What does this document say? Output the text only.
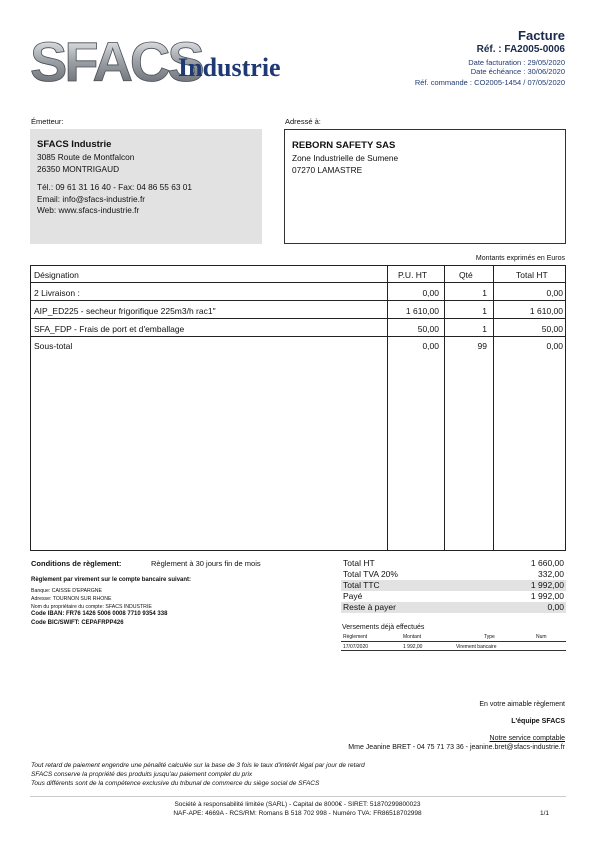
SFACS
Industrie
Facture
Réf. : FA2005-0006
Date facturation : 29/05/2020
Date échéance : 30/06/2020
Réf. commande : CO2005-1454 / 07/05/2020
Émetteur:
SFACS Industrie
3085 Route de Montfalcon
26350 MONTRIGAUD
Tél.: 09 61 31 16 40 - Fax: 04 86 55 63 01
Email: info@sfacs-industrie.fr
Web: www.sfacs-industrie.fr
Adressé à:
REBORN SAFETY SAS
Zone Industrielle de Sumene
07270 LAMASTRE
Montants exprimés en Euros
Désignation	P.U. HT	Qté	Total HT
2 Livraison :	0,00	1	0,00
AIP_ED225 - secheur frigorifique 225m3/h rac1"	1 610,00	1	1 610,00
SFA_FDP - Frais de port et d'emballage	50,00	1	50,00
Sous-total	0,00	99	0,00
Conditions de règlement:	Règlement à 30 jours fin de mois
Règlement par virement sur le compte bancaire suivant:
Banque: CAISSE D'EPARGNE
Adresse: TOURNON SUR RHONE
Nom du propriétaire du compte: SFACS INDUSTRIE
Code IBAN: FR76 1426 5006 0008 7710 9354 338
Code BIC/SWIFT: CEPAFRPP426
Total HT	1 660,00
Total TVA 20%	332,00
Total TTC	1 992,00
Payé	1 992,00
Reste à payer	0,00
Versements déjà effectués
Règlement	Montant	Type	Num
17/07/2020	1 992,00	Virement bancaire
En votre aimable règlement
L'équipe SFACS
Notre service comptable
Mme Jeanine BRET - 04 75 71 73 36 - jeanine.bret@sfacs-industrie.fr
Tout retard de paiement engendre une pénalité calculée sur la base de 3 fois le taux d'intérêt légal par jour de retard
SFACS conserve la propriété des produits jusqu'au paiement complet du prix
Tous différents sont de la compétence exclusive du tribunal de commerce du siège social de SFACS
Société à responsabilité limitée (SARL) - Capital de 8000€ - SIRET: 51870299800023
NAF-APE: 4669A - RCS/RM: Romans B 518 702 998 - Numéro TVA: FR86518702998	1/1
